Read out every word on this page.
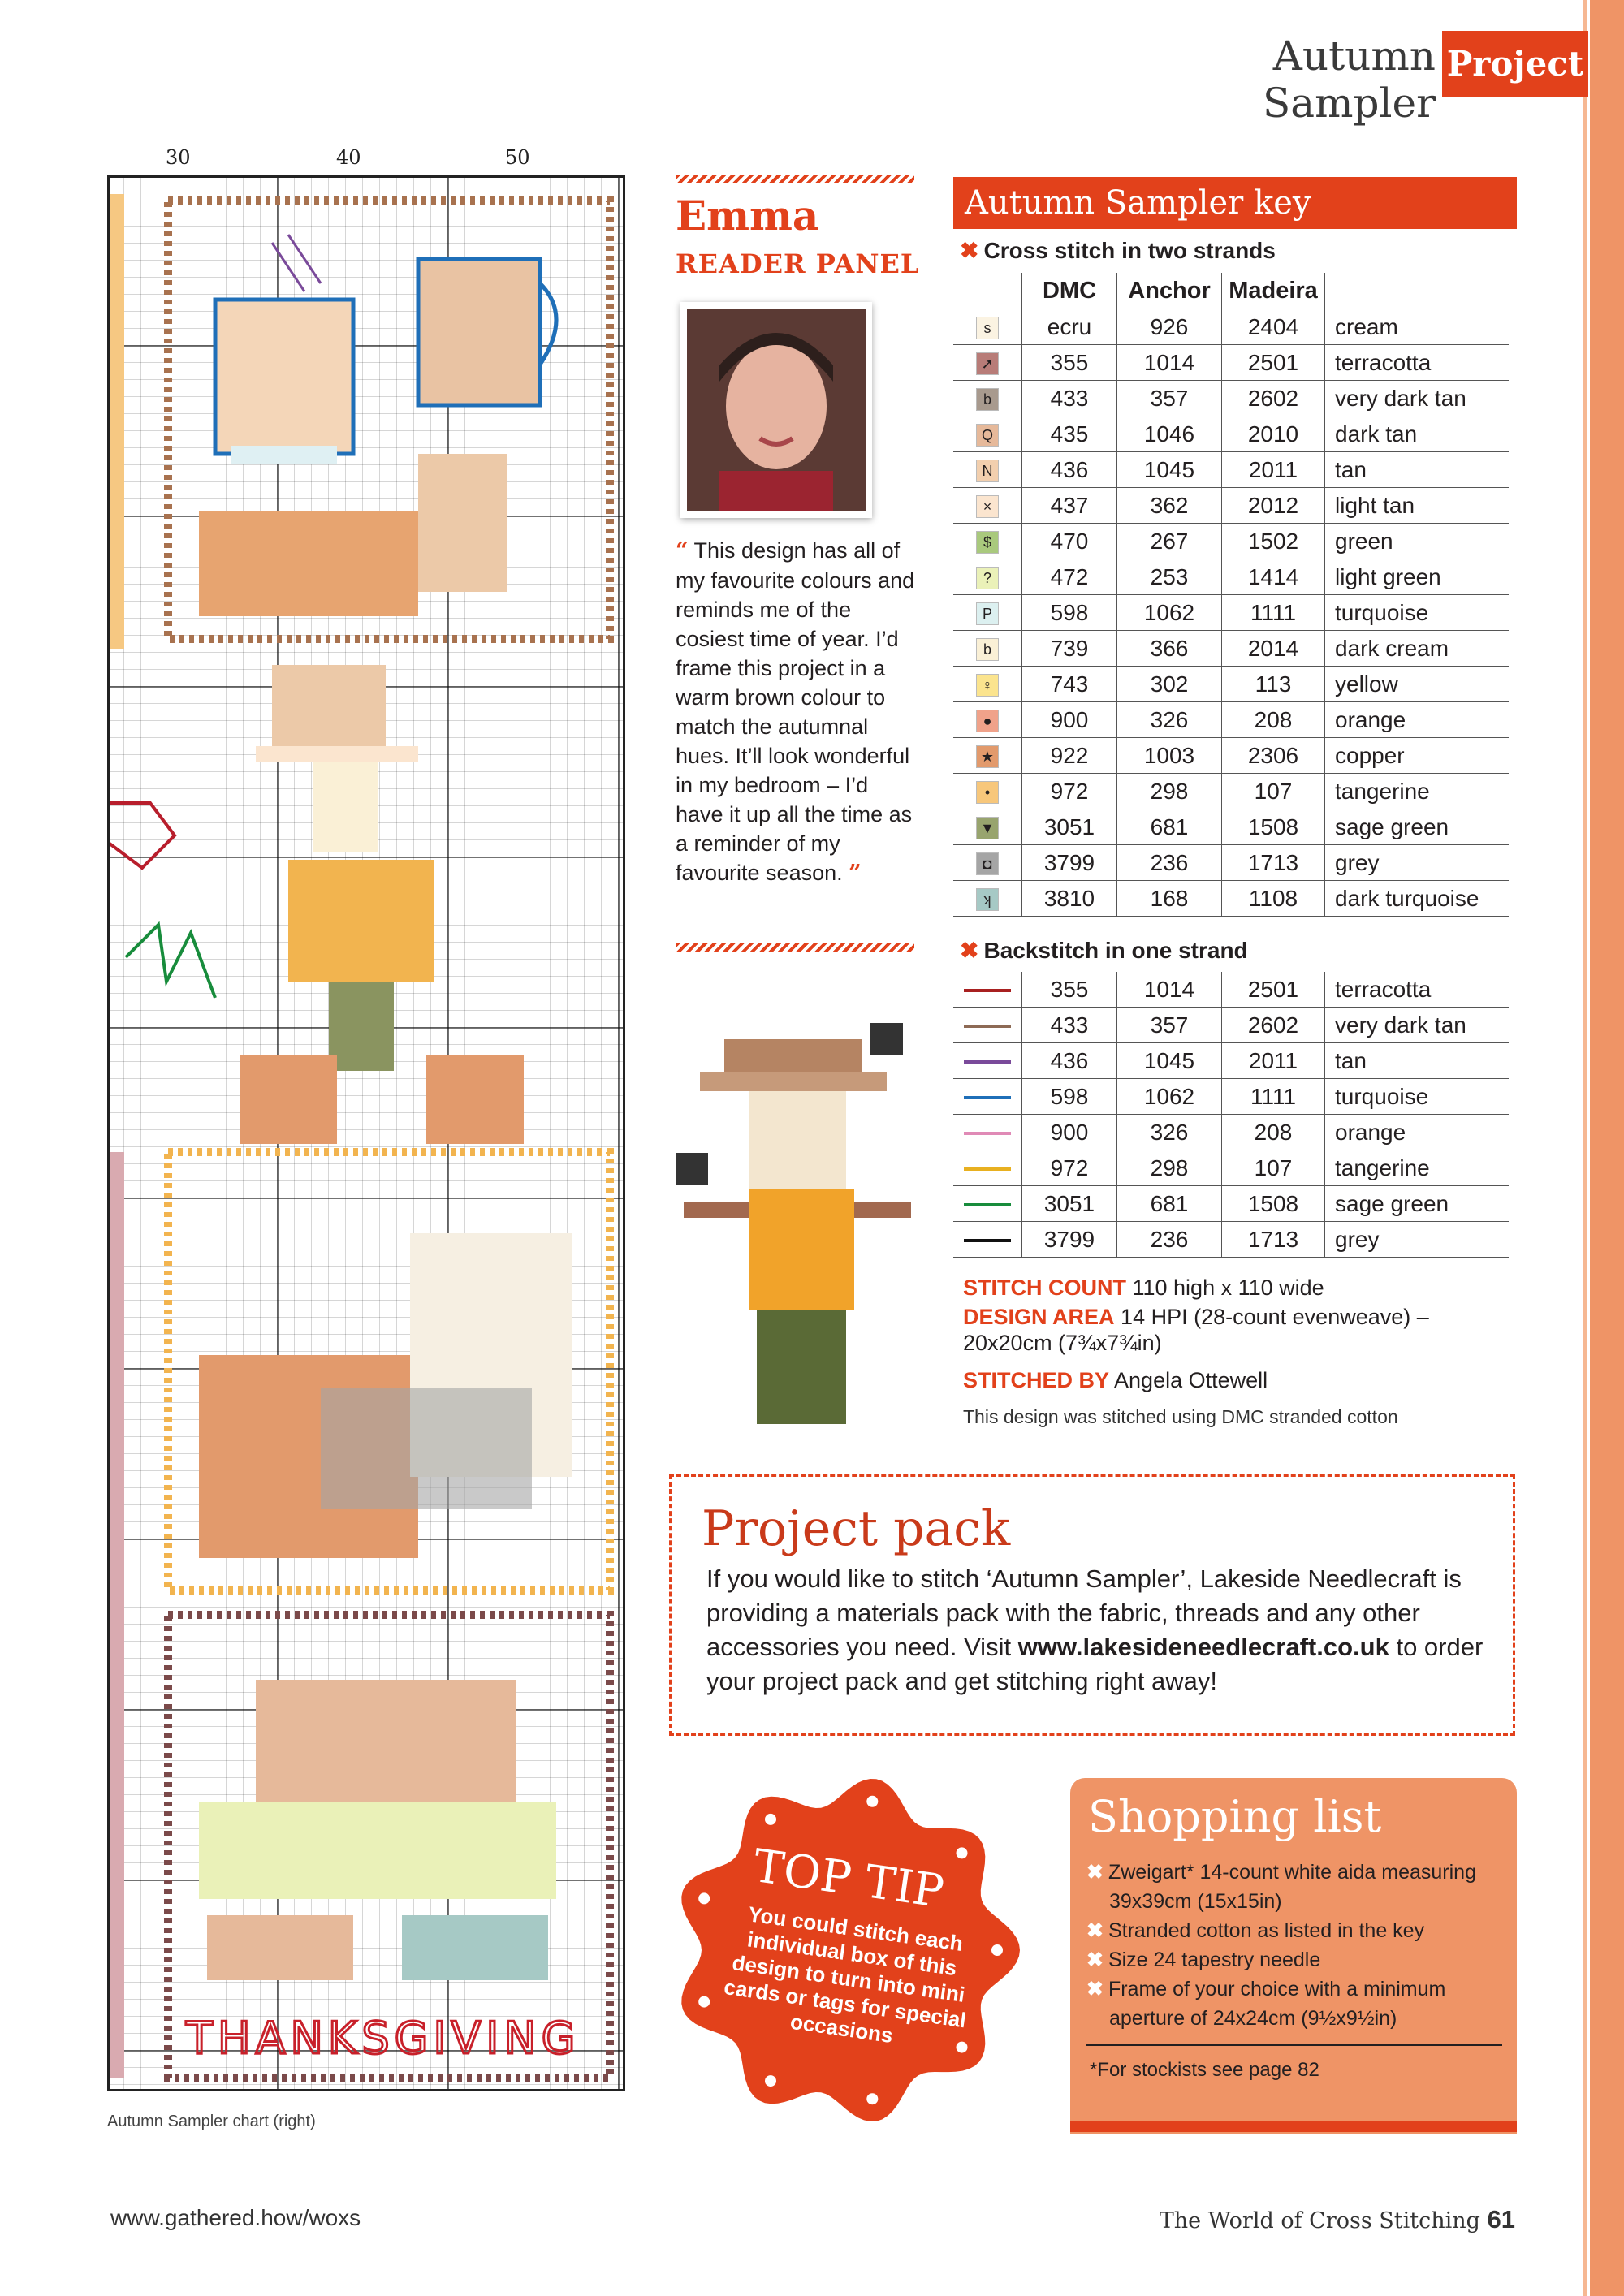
Autumn Sampler
Project
30	40	50
THANKSGIVING
Autumn Sampler chart (right)
Emma
READER PANEL
“ This design has all of my favourite colours and reminds me of the cosiest time of year. I’d frame this project in a warm brown colour to match the autumnal hues. It’ll look wonderful in my bedroom – I’d have it up all the time as a reminder of my favourite season. ”
Autumn Sampler key
✖ Cross stitch in two strands
	DMC	Anchor	Madeira	
s	ecru	926	2404	cream
➚	355	1014	2501	terracotta
b	433	357	2602	very dark tan
Q	435	1046	2010	dark tan
N	436	1045	2011	tan
×	437	362	2012	light tan
$	470	267	1502	green
?	472	253	1414	light green
P	598	1062	1111	turquoise
b	739	366	2014	dark cream
♀	743	302	113	yellow
●	900	326	208	orange
★	922	1003	2306	copper
•	972	298	107	tangerine
▼	3051	681	1508	sage green
◘	3799	236	1713	grey
ʞ	3810	168	1108	dark turquoise
✖ Backstitch in one strand
	355	1014	2501	terracotta
	433	357	2602	very dark tan
	436	1045	2011	tan
	598	1062	1111	turquoise
	900	326	208	orange
	972	298	107	tangerine
	3051	681	1508	sage green
	3799	236	1713	grey
STITCH COUNT 110 high x 110 wide
DESIGN AREA 14 HPI (28-count evenweave) – 20x20cm (7¾x7¾in)
STITCHED BY Angela Ottewell
This design was stitched using DMC stranded cotton
Project pack
If you would like to stitch ‘Autumn Sampler’, Lakeside Needlecraft is providing a materials pack with the fabric, threads and any other accessories you need. Visit www.lakesideneedlecraft.co.uk to order your project pack and get stitching right away!
TOP TIP
You could stitch each individual box of this design to turn into mini cards or tags for special occasions
Shopping list
✖ Zweigart* 14-count white aida measuring 39x39cm (15x15in)
✖ Stranded cotton as listed in the key
✖ Size 24 tapestry needle
✖ Frame of your choice with a minimum aperture of 24x24cm (9½x9½in)
*For stockists see page 82
www.gathered.how/woxs	The World of Cross Stitching 61
